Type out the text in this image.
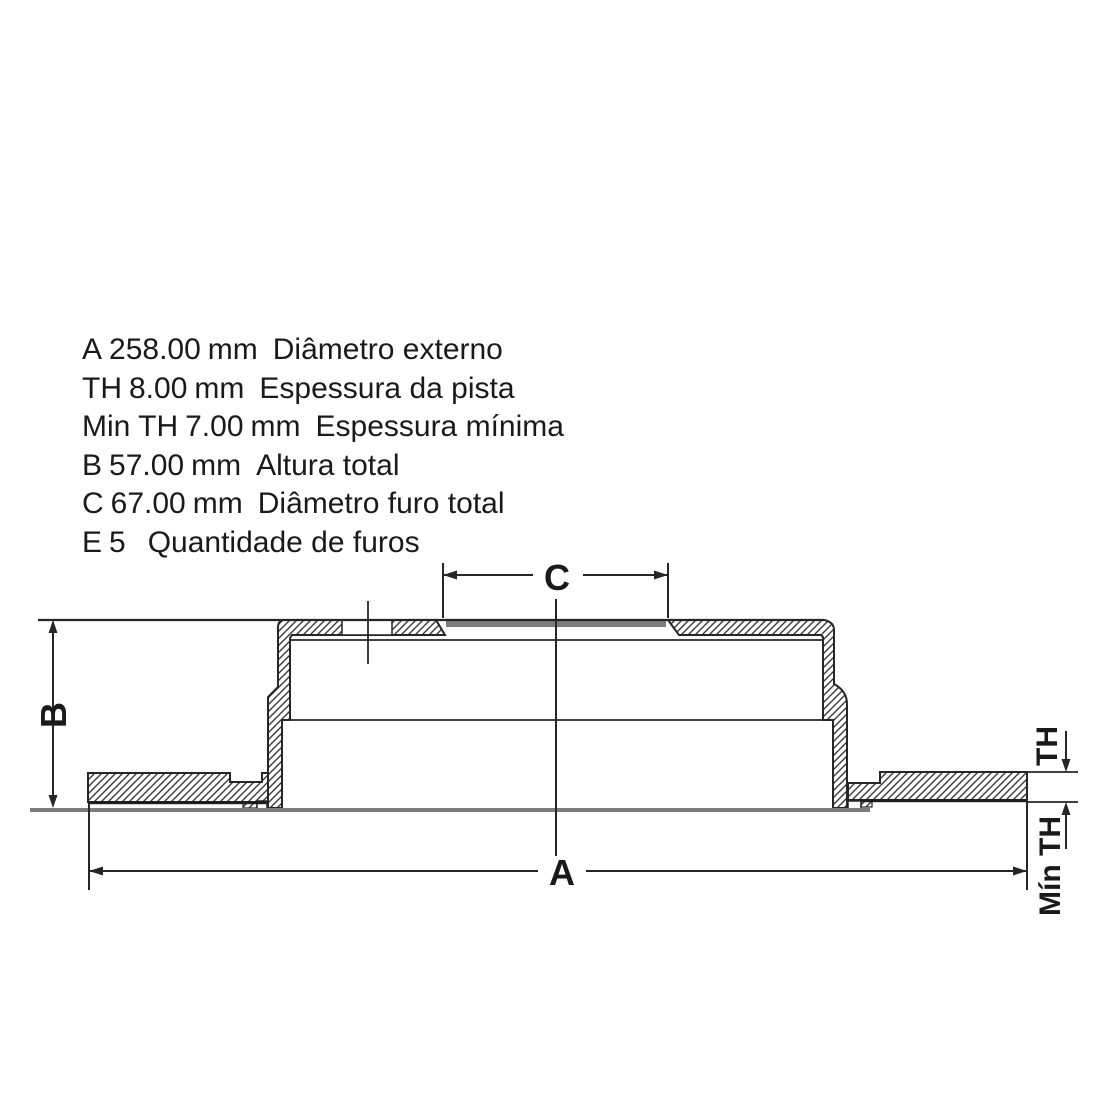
A 258.00 mm Diâmetro externo
TH 8.00 mm Espessura da pista
Min TH 7.00 mm Espessura mínima
B 57.00 mm Altura total
C 67.00 mm Diâmetro furo total
E 5 Quantidade de furos
B
C
A
TH
Mín TH
